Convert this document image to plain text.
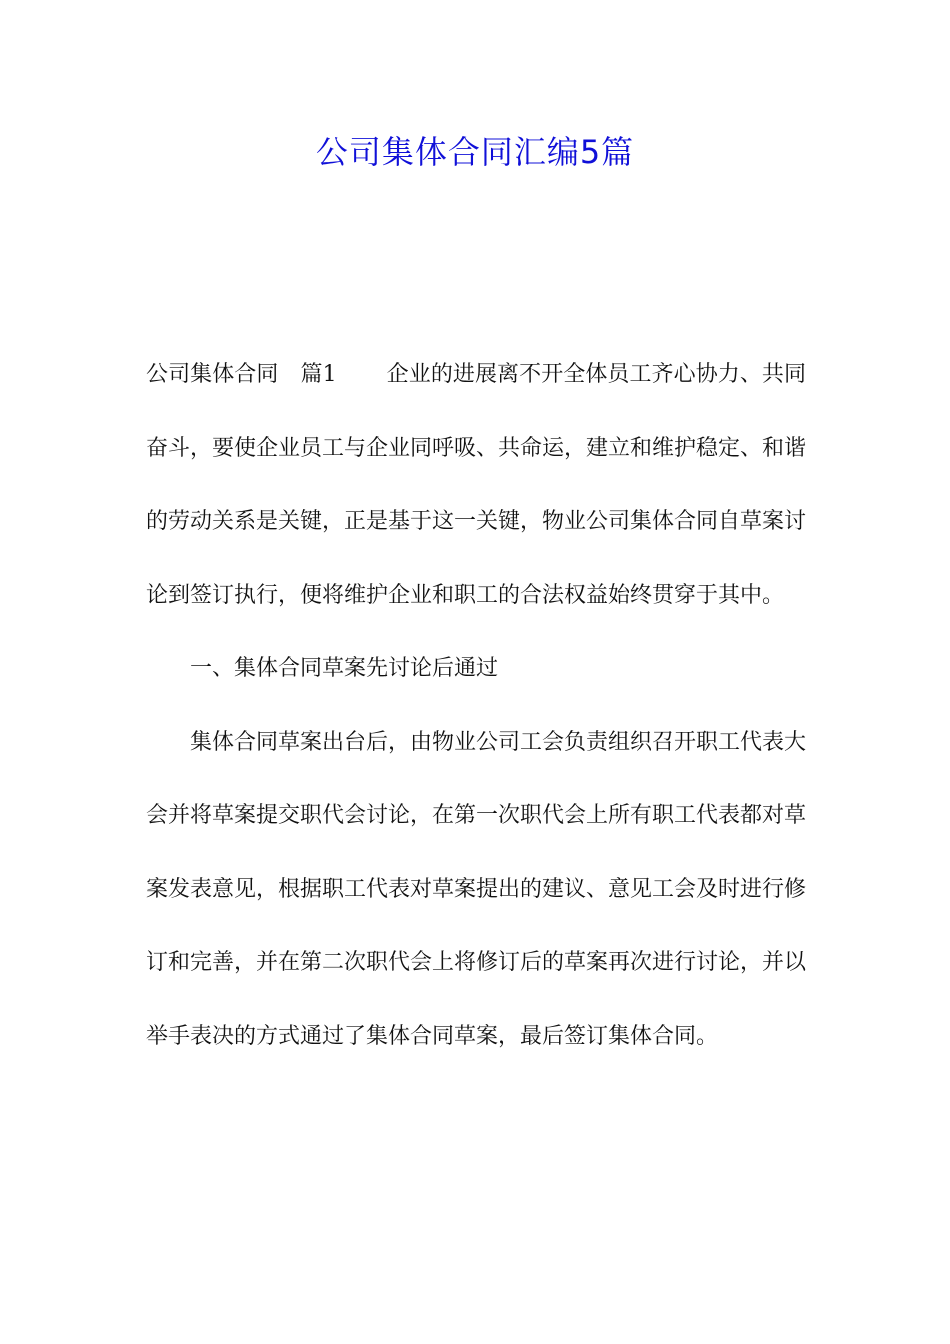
公司集体合同汇编5篇

公司集体合同 篇1 企业的进展离不开全体员工齐心协力、共同奋斗，要使企业员工与企业同呼吸、共命运，建立和维护稳定、和谐的劳动关系是关键，正是基于这一关键，物业公司集体合同自草案讨论到签订执行，便将维护企业和职工的合法权益始终贯穿于其中。

一、集体合同草案先讨论后通过

集体合同草案出台后，由物业公司工会负责组织召开职工代表大会并将草案提交职代会讨论，在第一次职代会上所有职工代表都对草案发表意见，根据职工代表对草案提出的建议、意见工会及时进行修订和完善，并在第二次职代会上将修订后的草案再次进行讨论，并以举手表决的方式通过了集体合同草案，最后签订集体合同。
